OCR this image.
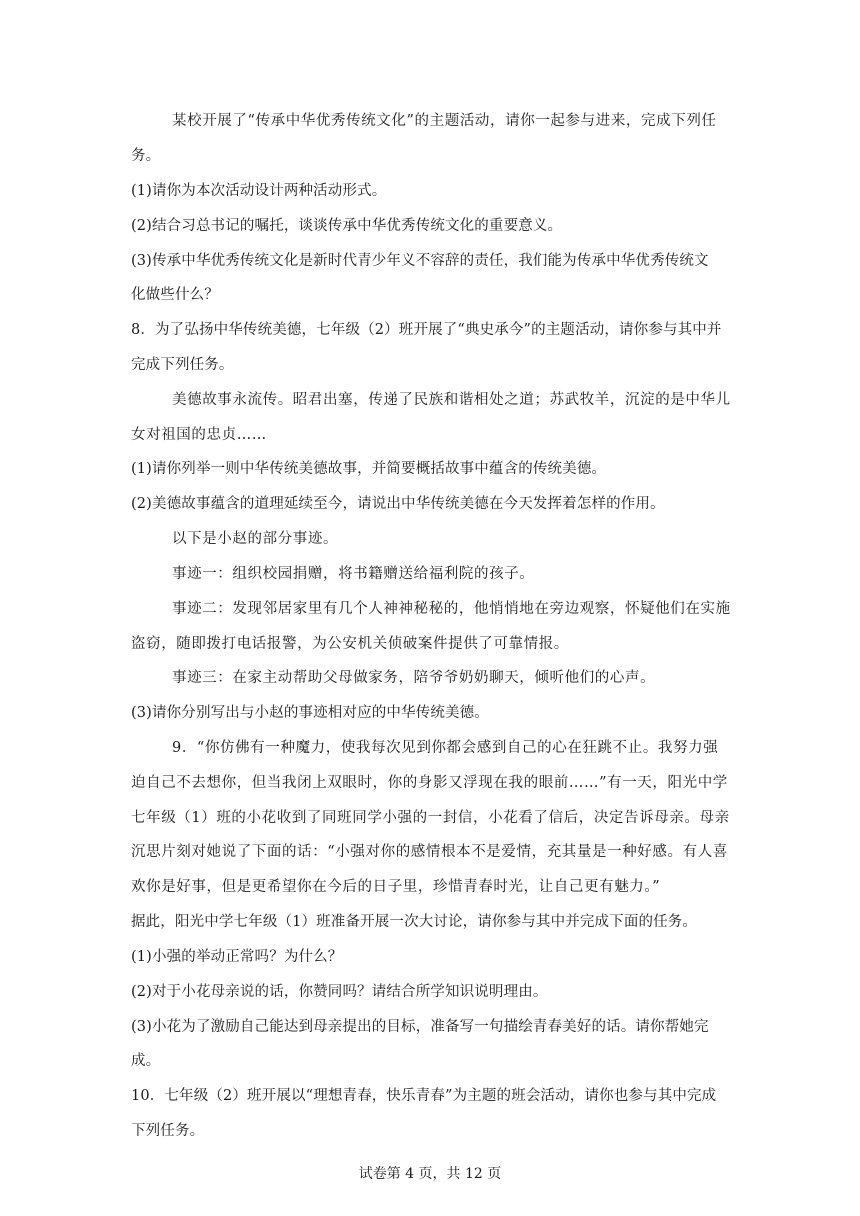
某校开展了“传承中华优秀传统文化”的主题活动，请你一起参与进来，完成下列任
务。
(1)请你为本次活动设计两种活动形式。
(2)结合习总书记的嘱托，谈谈传承中华优秀传统文化的重要意义。
(3)传承中华优秀传统文化是新时代青少年义不容辞的责任，我们能为传承中华优秀传统文
化做些什么？
8．为了弘扬中华传统美德，七年级（2）班开展了“典史承今”的主题活动，请你参与其中并
完成下列任务。
美德故事永流传。昭君出塞，传递了民族和谐相处之道；苏武牧羊，沉淀的是中华儿
女对祖国的忠贞……
(1)请你列举一则中华传统美德故事，并简要概括故事中蕴含的传统美德。
(2)美德故事蕴含的道理延续至今，请说出中华传统美德在今天发挥着怎样的作用。
以下是小赵的部分事迹。
事迹一：组织校园捐赠，将书籍赠送给福利院的孩子。
事迹二：发现邻居家里有几个人神神秘秘的，他悄悄地在旁边观察，怀疑他们在实施
盗窃，随即拨打电话报警，为公安机关侦破案件提供了可靠情报。
事迹三：在家主动帮助父母做家务，陪爷爷奶奶聊天，倾听他们的心声。
(3)请你分别写出与小赵的事迹相对应的中华传统美德。
9．“你仿佛有一种魔力，使我每次见到你都会感到自己的心在狂跳不止。我努力强
迫自己不去想你，但当我闭上双眼时，你的身影又浮现在我的眼前……”有一天，阳光中学
七年级（1）班的小花收到了同班同学小强的一封信，小花看了信后，决定告诉母亲。母亲
沉思片刻对她说了下面的话：“小强对你的感情根本不是爱情，充其量是一种好感。有人喜
欢你是好事，但是更希望你在今后的日子里，珍惜青春时光，让自己更有魅力。”
据此，阳光中学七年级（1）班准备开展一次大讨论，请你参与其中并完成下面的任务。
(1)小强的举动正常吗？为什么？
(2)对于小花母亲说的话，你赞同吗？请结合所学知识说明理由。
(3)小花为了激励自己能达到母亲提出的目标，准备写一句描绘青春美好的话。请你帮她完
成。
10．七年级（2）班开展以“理想青春，快乐青春”为主题的班会活动，请你也参与其中完成
下列任务。
试卷第 4 页，共 12 页
